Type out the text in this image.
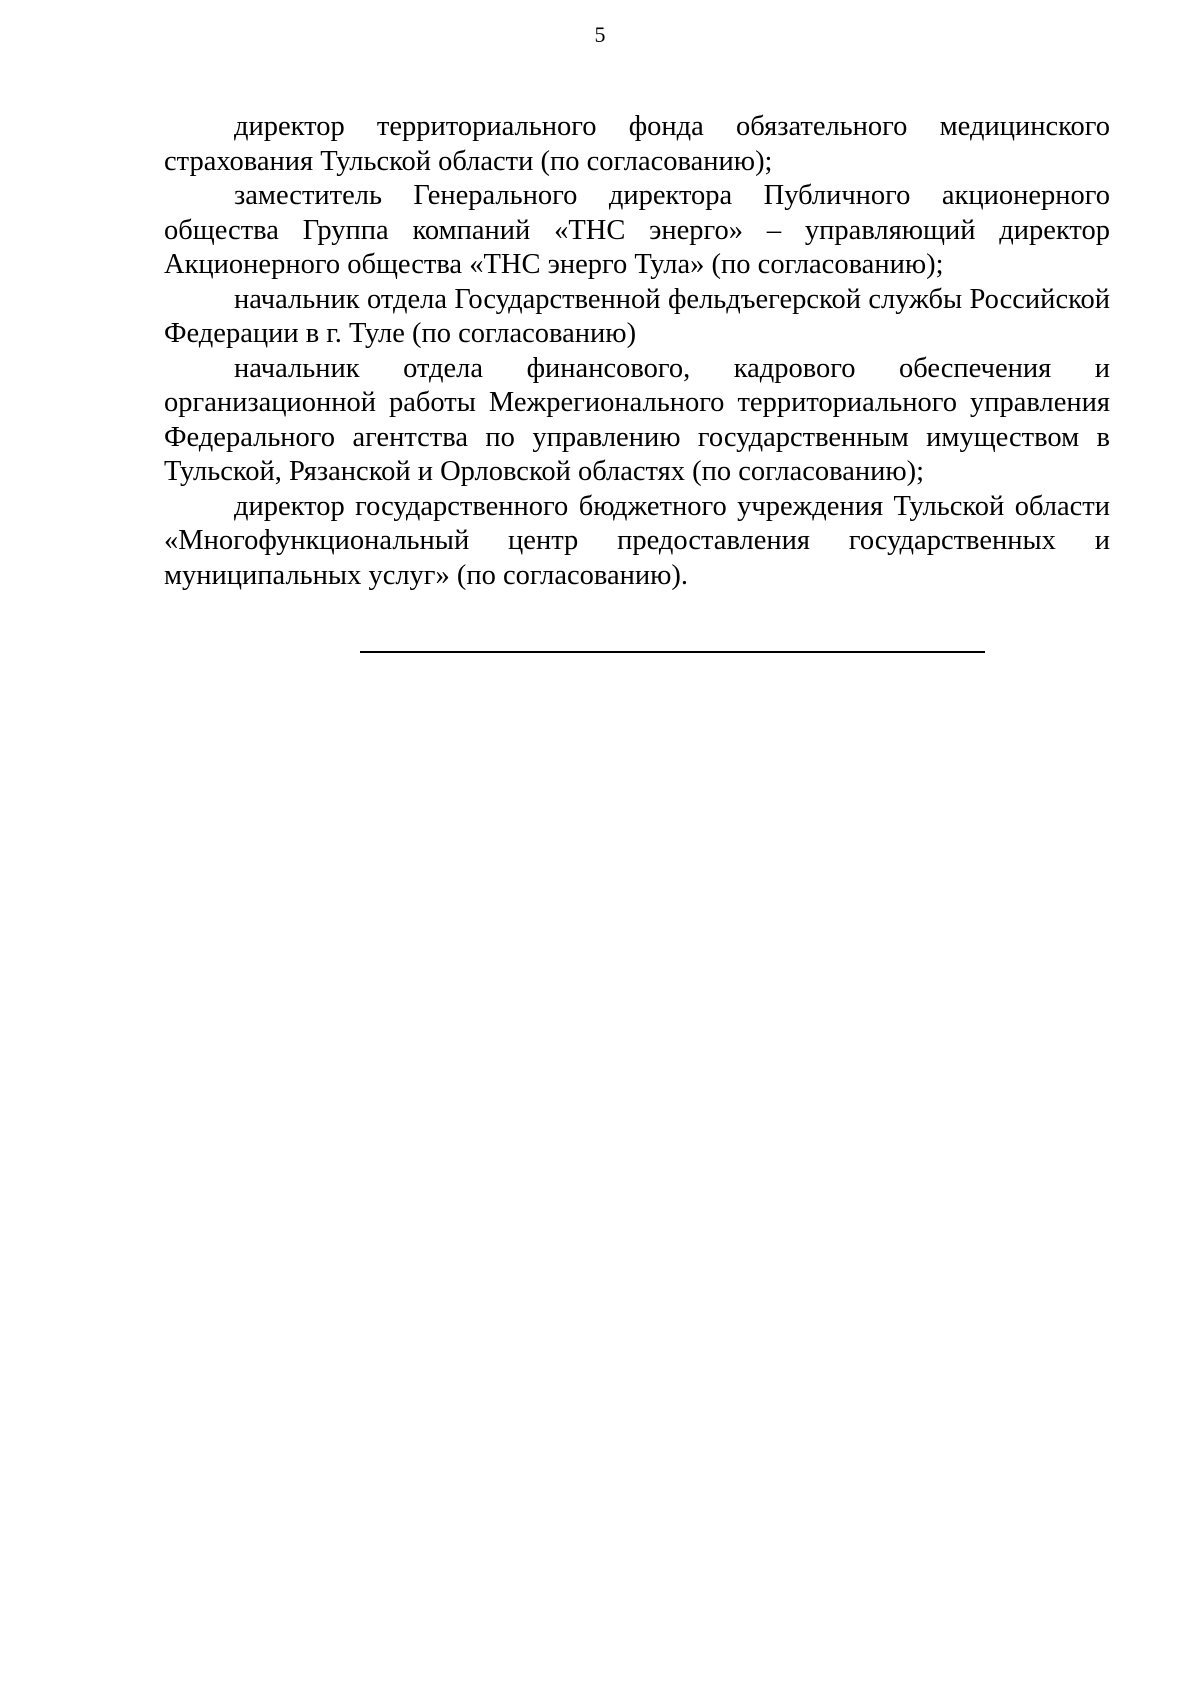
5

директор территориального фонда обязательного медицинского страхования Тульской области (по согласованию);

заместитель Генерального директора Публичного акционерного общества Группа компаний «ТНС энерго» – управляющий директор Акционерного общества «ТНС энерго Тула» (по согласованию);

начальник отдела Государственной фельдъегерской службы Российской Федерации в г. Туле (по согласованию)

начальник отдела финансового, кадрового обеспечения и организационной работы Межрегионального территориального управления Федерального агентства по управлению государственным имуществом в Тульской, Рязанской и Орловской областях (по согласованию);

директор государственного бюджетного учреждения Тульской области «Многофункциональный центр предоставления государственных и муниципальных услуг» (по согласованию).
